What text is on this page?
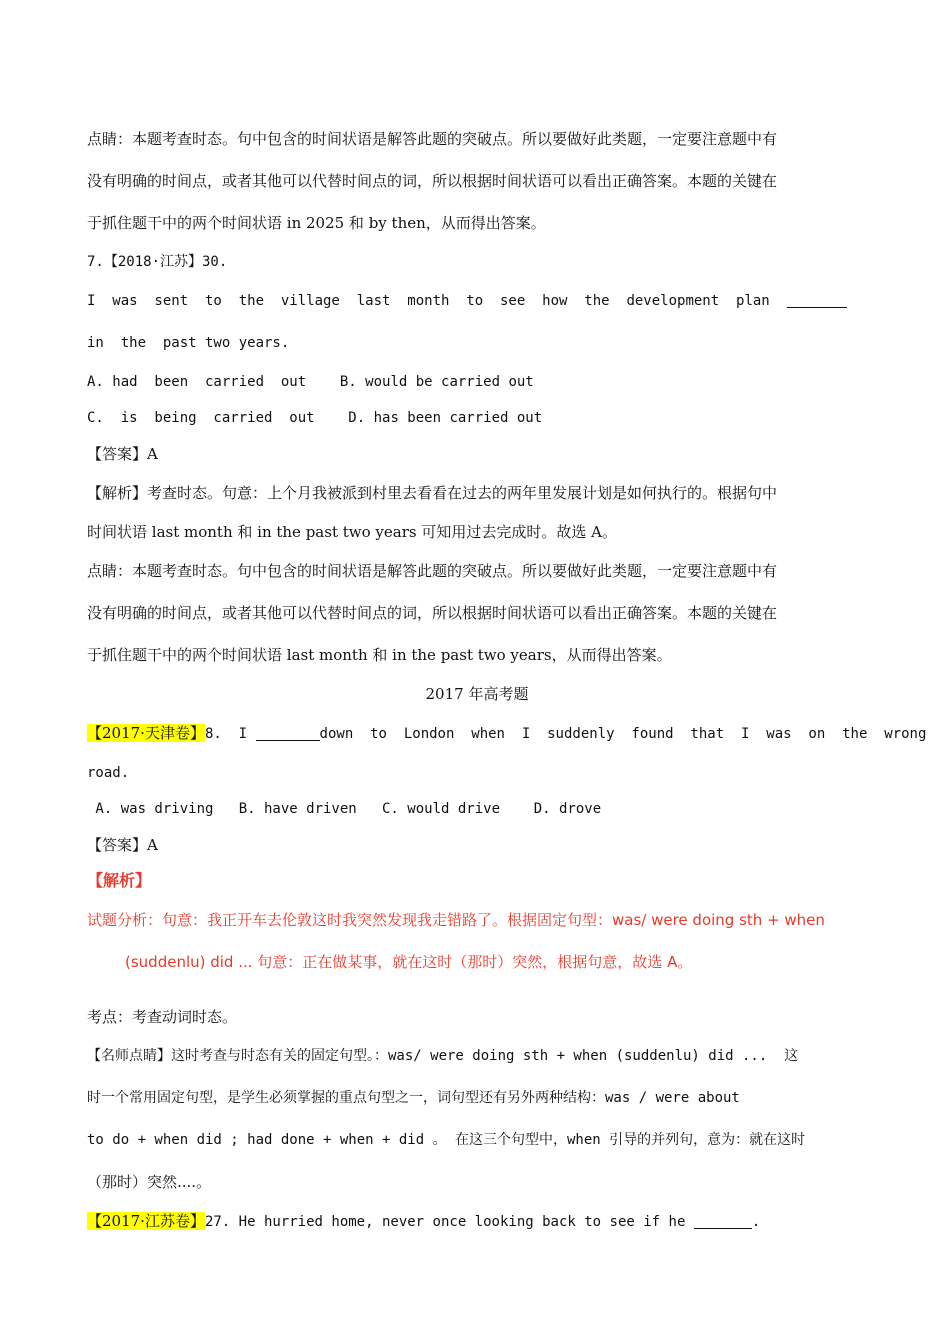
点睛：本题考查时态。句中包含的时间状语是解答此题的突破点。所以要做好此类题，一定要注意题中有
没有明确的时间点，或者其他可以代替时间点的词，所以根据时间状语可以看出正确答案。本题的关键在
于抓住题干中的两个时间状语 in 2025 和 by then，从而得出答案。
7.【2018·江苏】30.
I  was  sent  to  the  village  last  month  to  see  how  the  development  plan
in  the  past two years.
A. had  been  carried  out B. would be carried out
C.  is  being  carried  out D. has been carried out
【答案】A
【解析】考查时态。句意：上个月我被派到村里去看看在过去的两年里发展计划是如何执行的。根据句中
时间状语 last month 和 in the past two years 可知用过去完成时。故选 A。
点睛：本题考查时态。句中包含的时间状语是解答此题的突破点。所以要做好此类题，一定要注意题中有
没有明确的时间点，或者其他可以代替时间点的词，所以根据时间状语可以看出正确答案。本题的关键在
于抓住题干中的两个时间状语 last month 和 in the past two years，从而得出答案。
2017 年高考题
【2017·天津卷】8.  I	down  to  London  when  I  suddenly  found  that  I  was  on  the  wrong
road.
A. was driving   B. have driven   C. would drive    D. drove
【答案】A
【解析】
试题分析：句意：我正开车去伦敦这时我突然发现我走错路了。根据固定句型：was/ were doing sth + when
(suddenlu) did ... 句意：正在做某事，就在这时（那时）突然，根据句意，故选 A。
考点：考查动词时态。
【名师点睛】这时考查与时态有关的固定句型。：was/ were doing sth + when (suddenlu) did ...  这
时一个常用固定句型，是学生必须掌握的重点句型之一，词句型还有另外两种结构：was / were about
to do + when did ; had done + when + did 。 在这三个句型中，when 引导的并列句，意为：就在这时
（那时）突然....。
【2017·江苏卷】27. He hurried home, never once looking back to see if he	.
